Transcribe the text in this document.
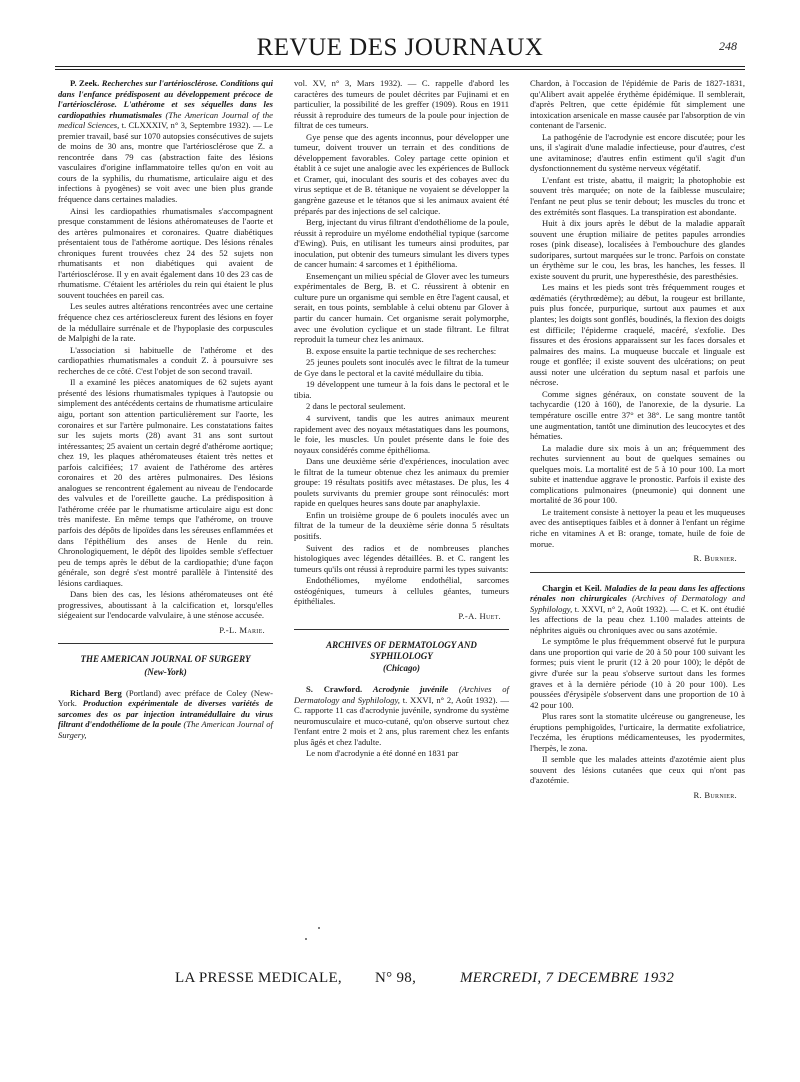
REVUE DES JOURNAUX	248

P. Zeek. Recherches sur l'artériosclérose. Conditions qui dans l'enfance prédisposent au développement précoce de l'artériosclérose. L'athérome et ses séquelles dans les cardiopathies rhumatismales (The American Journal of the medical Sciences, t. CLXXXIV, n° 3, Septembre 1932). — Le premier travail, basé sur 1070 autopsies consécutives de sujets de moins de 30 ans, montre que l'artériosclérose que Z. a rencontrée dans 79 cas (abstraction faite des lésions vasculaires d'origine inflammatoire telles qu'on en voit au cours de la syphilis, du rhumatisme, articulaire aigu et des infections à pyogènes) se voit avec une bien plus grande fréquence dans certaines maladies.

Ainsi les cardiopathies rhumatismales s'accompagnent presque constamment de lésions athéromateuses de l'aorte et des artères pulmonaires et coronaires. Quatre diabétiques présentaient tous de l'athérome aortique. Des lésions rénales chroniques furent trouvées chez 24 des 52 sujets non rhumatisants et non diabétiques qui avaient de l'artériosclérose. Il y en avait également dans 10 des 23 cas de rhumatisme. C'étaient les artérioles du rein qui étaient le plus souvent touchées en pareil cas.

Les seules autres altérations rencontrées avec une certaine fréquence chez ces artériosclereux furent des lésions en foyer de la médullaire surrénale et de l'hypoplasie des corpuscules de Malpighi de la rate.

L'association si habituelle de l'athérome et des cardiopathies rhumatismales a conduit Z. à poursuivre ses recherches de ce côté. C'est l'objet de son second travail.

Il a examiné les pièces anatomiques de 62 sujets ayant présenté des lésions rhumatismales typiques à l'autopsie ou simplement des antécédents certains de rhumatisme articulaire aigu, portant son attention particulièrement sur l'aorte, les coronaires et sur l'artère pulmonaire. Les constatations faites sur les sujets morts (28) avant 31 ans sont surtout intéressantes; 25 avaient un certain degré d'athérome aortique; chez 19, les plaques athéromateuses étaient très nettes et parfois calcifiées; 17 avaient de l'athérome des artères coronaires et 20 des artères pulmonaires. Des lésions analogues se rencontrent également au niveau de l'endocarde des valvules et de l'oreillette gauche. La prédisposition à l'athérome créée par le rhumatisme articulaire aigu est donc très manifeste. En même temps que l'athérome, on trouve parfois des dépôts de lipoïdes dans les séreuses enflammées et dans l'épithélium des anses de Henle du rein. Chronologiquement, le dépôt des lipoïdes semble s'effectuer peu de temps après le début de la cardiopathie; d'une façon générale, son degré s'est montré parallèle à l'intensité des lésions cardiaques.

Dans bien des cas, les lésions athéromateuses ont été progressives, aboutissant à la calcification et, lorsqu'elles siégeaient sur l'endocarde valvulaire, à une sténose accusée.

P.-L. Marie.

THE AMERICAN JOURNAL OF SURGERY

(New-York)

Richard Berg (Portland) avec préface de Coley (New-York. Production expérimentale de diverses variétés de sarcomes des os par injection intramédullaire du virus filtrant d'endothéliome de la poule (The American Journal of Surgery,

vol. XV, n° 3, Mars 1932). — C. rappelle d'abord les caractères des tumeurs de poulet décrites par Fujinami et en particulier, la possibilité de les greffer (1909). Rous en 1911 réussit à reproduire des tumeurs de la poule pour injection de filtrat de ces tumeurs.

Gye pense que des agents inconnus, pour développer une tumeur, doivent trouver un terrain et des conditions de développement favorables. Coley partage cette opinion et établit à ce sujet une analogie avec les expériences de Bullock et Cramer, qui, inoculant des souris et des cobayes avec du virus septique et de B. tétanique ne voyaient se développer la gangrène gazeuse et le tétanos que si les animaux avaient été préparés par des injections de sel calcique.

Berg, injectant du virus filtrant d'endothéliome de la poule, réussit à reproduire un myélome endothélial typique (sarcome d'Ewing). Puis, en utilisant les tumeurs ainsi produites, par inoculation, put obtenir des tumeurs simulant les divers types de cancer humain: 4 sarcomes et 1 épithélioma.

Ensemençant un milieu spécial de Glover avec les tumeurs expérimentales de Berg, B. et C. réussirent à obtenir en culture pure un organisme qui semble en être l'agent causal, et serait, en tous points, semblable à celui obtenu par Glover à partir du cancer humain. Cet organisme serait polymorphe, avec une évolution cyclique et un stade filtrant. Le filtrat reproduit la tumeur chez les animaux.

B. expose ensuite la partie technique de ses recherches:

25 jeunes poulets sont inoculés avec le filtrat de la tumeur de Gye dans le pectoral et la cavité médullaire du tibia.

19 développent une tumeur à la fois dans le pectoral et le tibia.

2 dans le pectoral seulement.

4 survivent, tandis que les autres animaux meurent rapidement avec des noyaux métastatiques dans les poumons, le foie, les muscles. Un poulet présente dans le foie des noyaux considérés comme épithélioma.

Dans une deuxième série d'expériences, inoculation avec le filtrat de la tumeur obtenue chez les animaux du premier groupe: 19 résultats positifs avec métastases. De plus, les 4 poulets survivants du premier groupe sont réinoculés: mort rapide en quelques heures sans doute par anaphylaxie.

Enfin un troisième groupe de 6 poulets inoculés avec un filtrat de la tumeur de la deuxième série donna 5 résultats positifs.

Suivent des radios et de nombreuses planches histologiques avec légendes détaillées. B. et C. rangent les tumeurs qu'ils ont réussi à reproduire parmi les types suivants:

Endothéliomes, myélome endothélial, sarcomes ostéogéniques, tumeurs à cellules géantes, tumeurs épithéliales.

P.-A. Huet.

ARCHIVES OF DERMATOLOGY AND SYPHILOLOGY

(Chicago)

S. Crawford. Acrodynie juvénile (Archives of Dermatology and Syphilology, t. XXVI, n° 2, Août 1932). — C. rapporte 11 cas d'acrodynie juvénile, syndrome du système neuromusculaire et muco-cutané, qu'on observe surtout chez l'enfant entre 2 mois et 2 ans, plus rarement chez les enfants plus âgés et chez l'adulte.

Le nom d'acrodynie a été donné en 1831 par

Chardon, à l'occasion de l'épidémie de Paris de 1827-1831, qu'Alibert avait appelée érythème épidémique. Il semblerait, d'après Peltren, que cette épidémie fût simplement une intoxication arsenicale en masse causée par l'absorption de vin contenant de l'arsenic.

La pathogénie de l'acrodynie est encore discutée; pour les uns, il s'agirait d'une maladie infectieuse, pour d'autres, c'est une avitaminose; d'autres enfin estiment qu'il s'agit d'un dysfonctionnement du système nerveux végétatif.

L'enfant est triste, abattu, il maigrit; la photophobie est souvent très marquée; on note de la faiblesse musculaire; l'enfant ne peut plus se tenir debout; les muscles du tronc et des extrémités sont flasques. La transpiration est abondante.

Huit à dix jours après le début de la maladie apparaît souvent une éruption miliaire de petites papules arrondies roses (pink disease), localisées à l'embouchure des glandes sudoripares, surtout marquées sur le tronc. Parfois on constate un érythème sur le cou, les bras, les hanches, les fesses. Il existe souvent du prurit, une hyperesthésie, des paresthésies.

Les mains et les pieds sont très fréquemment rouges et œdématiés (érythrœdème); au début, la rougeur est brillante, puis plus foncée, purpurique, surtout aux paumes et aux plantes; les doigts sont gonflés, boudinés, la flexion des doigts est difficile; l'épiderme craquelé, macéré, s'exfolie. Des fissures et des érosions apparaissent sur les faces dorsales et palmaires des mains. La muqueuse buccale et linguale est rouge et gonflée; il existe souvent des ulcérations; on peut aussi noter une ulcération du septum nasal et parfois une nécrose.

Comme signes généraux, on constate souvent de la tachycardie (120 à 160), de l'anorexie, de la dysurie. La température oscille entre 37° et 38°. Le sang montre tantôt une augmentation, tantôt une diminution des leucocytes et des hématies.

La maladie dure six mois à un an; fréquemment des rechutes surviennent au bout de quelques semaines ou quelques mois. La mortalité est de 5 à 10 pour 100. La mort subite et inattendue aggrave le pronostic. Parfois il existe des complications pulmonaires (pneumonie) qui donnent une mortalité de 36 pour 100.

Le traitement consiste à nettoyer la peau et les muqueuses avec des antiseptiques faibles et à donner à l'enfant un régime riche en vitamines A et B: orange, tomate, huile de foie de morue.

R. Burnier.

Chargin et Keil. Maladies de la peau dans les affections rénales non chirurgicales (Archives of Dermatology and Syphilology, t. XXVI, n° 2, Août 1932). — C. et K. ont étudié les affections de la peau chez 1.100 malades atteints de néphrites aiguës ou chroniques avec ou sans azotémie.

Le symptôme le plus fréquemment observé fut le purpura dans une proportion qui varie de 20 à 50 pour 100 suivant les formes; puis vient le prurit (12 à 20 pour 100); le dépôt de givre d'urée sur la peau s'observe surtout dans les formes graves et à la dernière période (10 à 20 pour 100). Les poussées d'érysipèle s'observent dans une proportion de 10 à 42 pour 100.

Plus rares sont la stomatite ulcéreuse ou gangreneuse, les éruptions pemphigoïdes, l'urticaire, la dermatite exfoliatrice, l'eczéma, les éruptions médicamenteuses, les pyodermites, l'herpès, le zona.

Il semble que les malades atteints d'azotémie aient plus souvent des lésions cutanées que ceux qui n'ont pas d'azotémie.

R. Burnier.

LA PRESSE MEDICALE, N° 98,	MERCREDI, 7 DECEMBRE 1932
